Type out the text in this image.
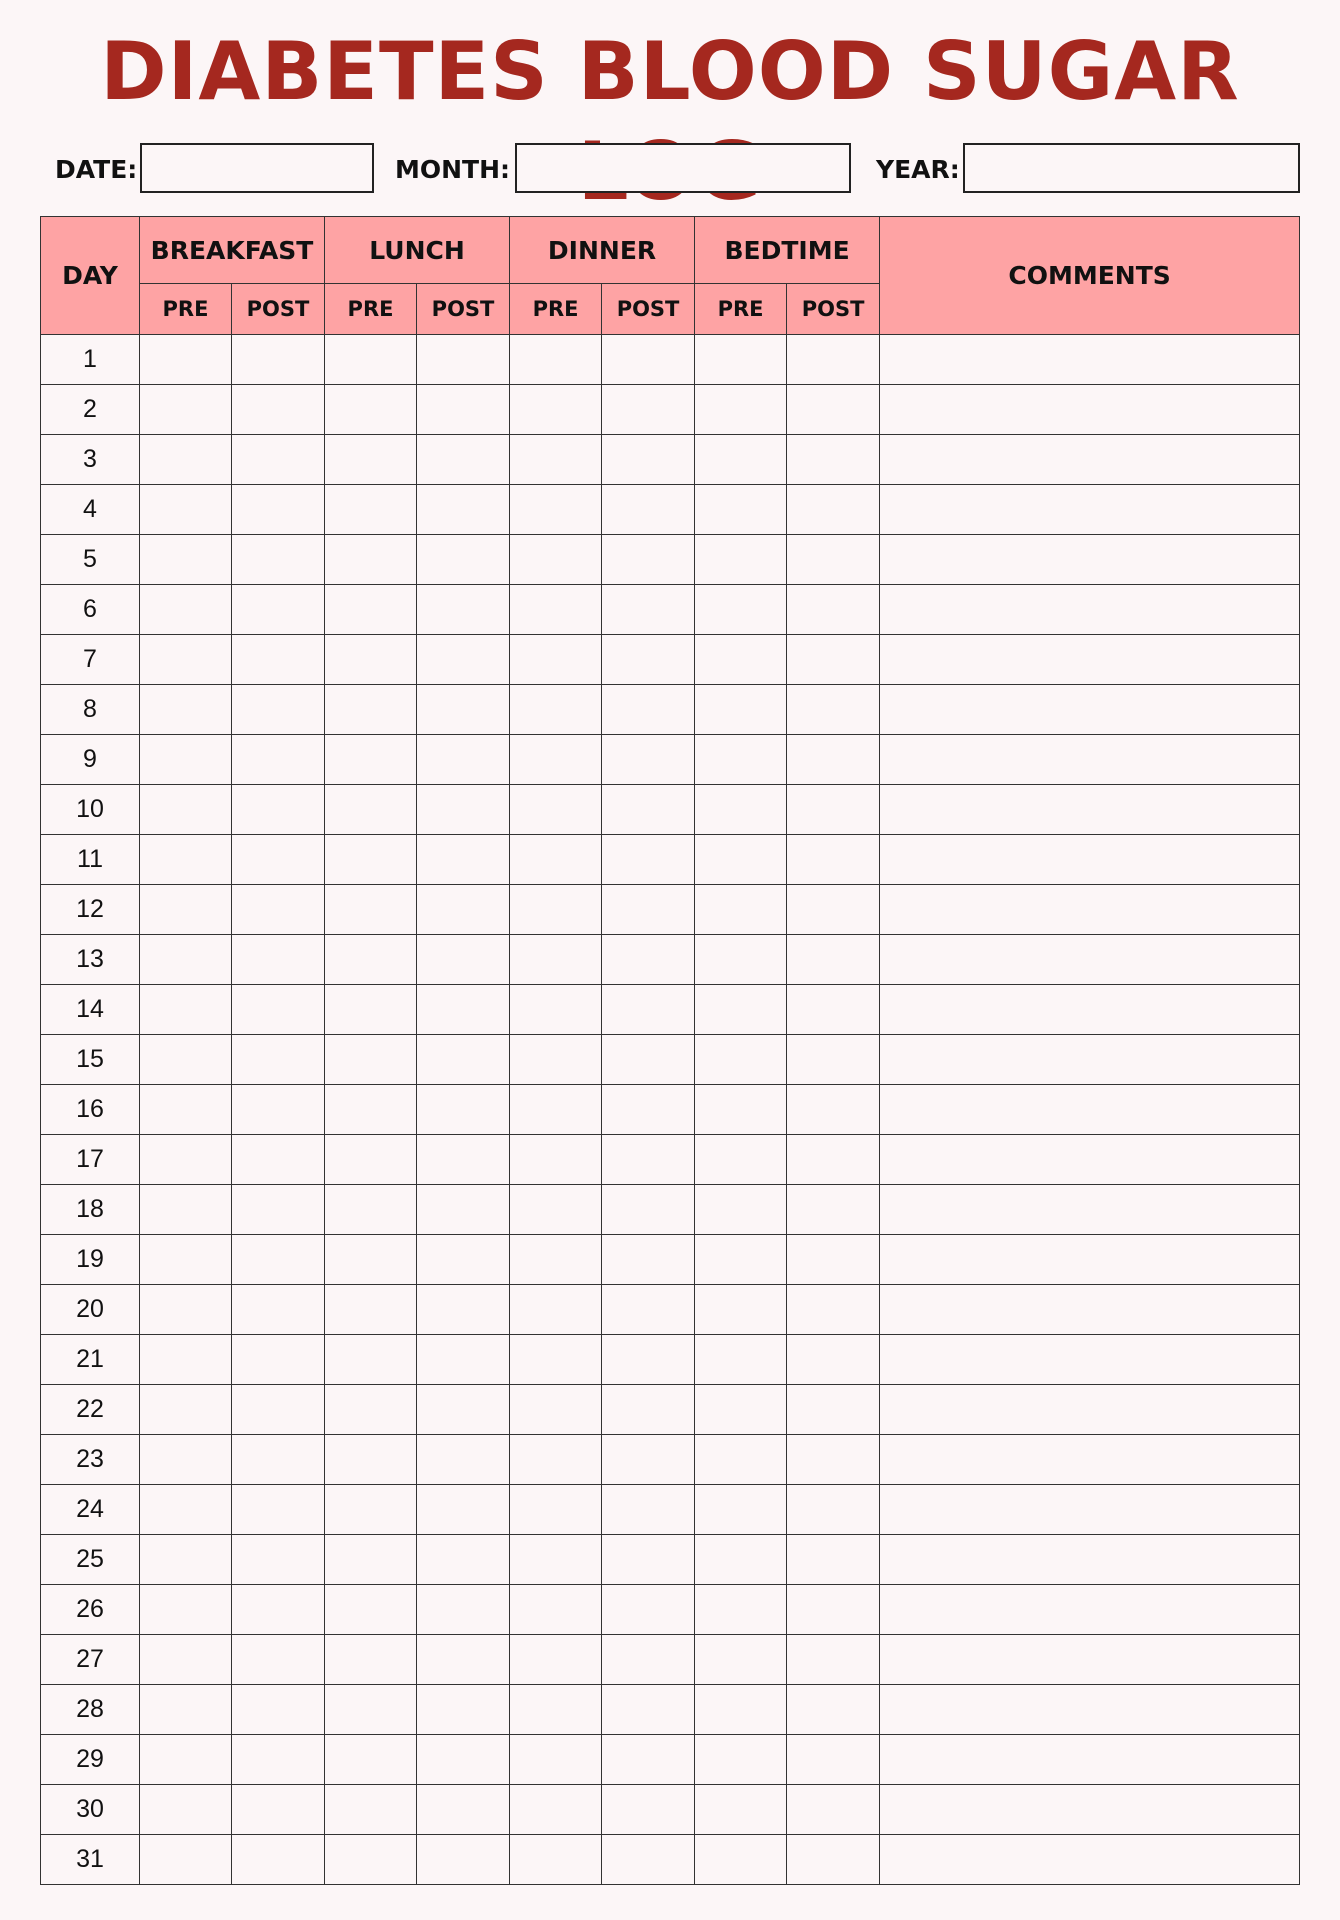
DIABETES BLOOD SUGAR
DATE:	MONTH:	YEAR:
DAY	BREAKFAST		LUNCH		DINNER		BEDTIME		COMMENTS
	PRE	POST	PRE	POST	PRE	POST	PRE	POST	
1									
2									
3									
4									
5									
6									
7									
8									
9									
10									
11									
12									
13									
14									
15									
16									
17									
18									
19									
20									
21									
22									
23									
24									
25									
26									
27									
28									
29									
30									
31									
